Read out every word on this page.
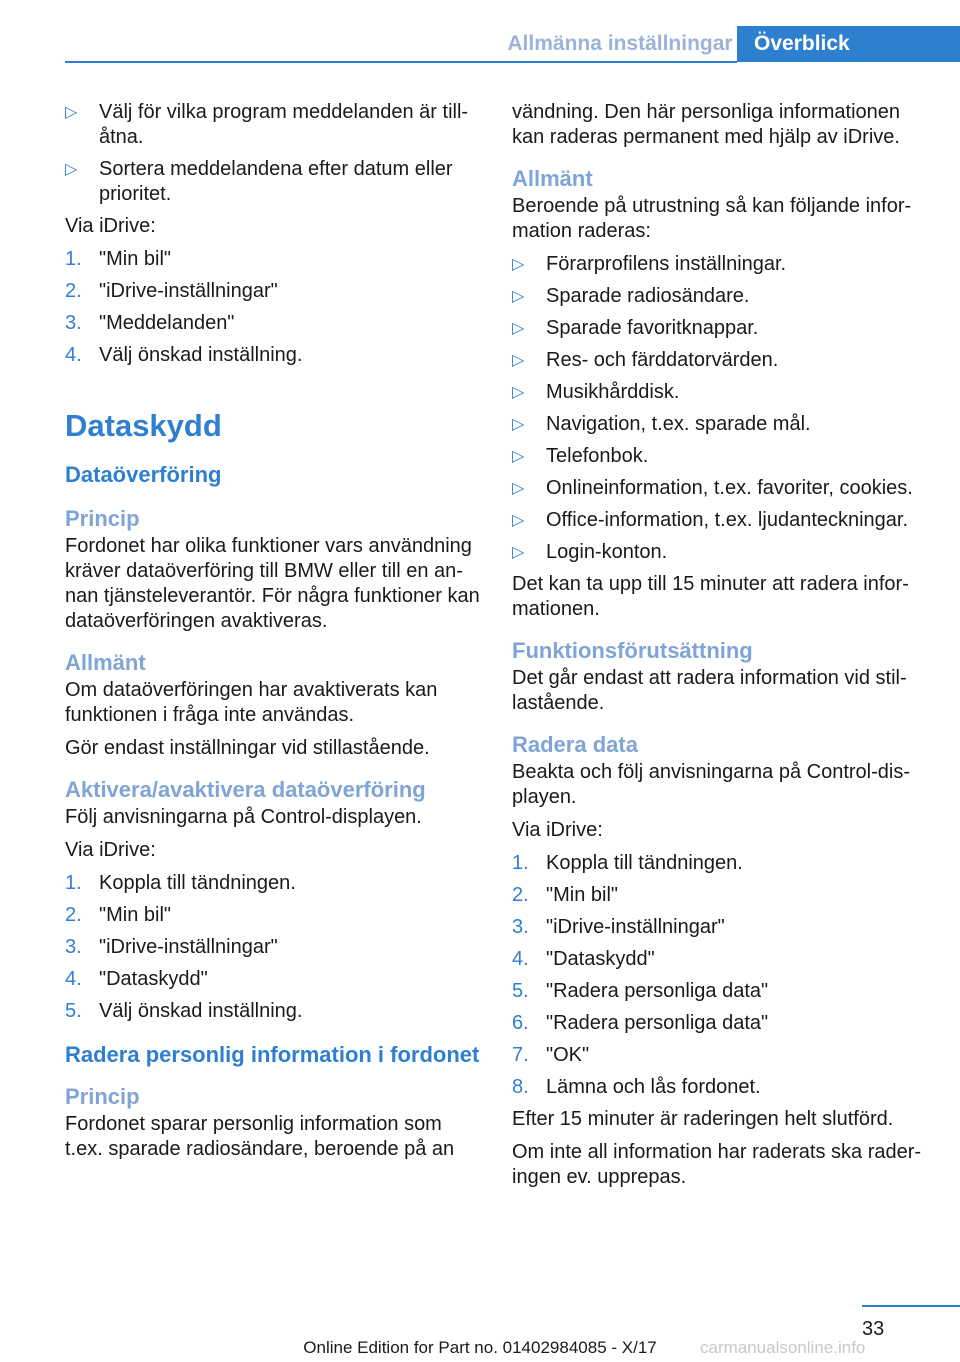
Allmänna inställningar	Överblick
▷ Välj för vilka program meddelanden är tillåtna.
▷ Sortera meddelandena efter datum eller prioritet.

Via iDrive:

1. "Min bil"
2. "iDrive-inställningar"
3. "Meddelanden"
4. Välj önskad inställning.
Dataskydd
Dataöverföring
Princip

Fordonet har olika funktioner vars användning kräver dataöverföring till BMW eller till en annan tjänsteleverantör. För några funktioner kan dataöverföringen avaktiveras.

Allmänt

Om dataöverföringen har avaktiverats kan funktionen i fråga inte användas.

Gör endast inställningar vid stillastående.

Aktivera/avaktivera dataöverföring

Följ anvisningarna på Control-displayen.

Via iDrive:

1. Koppla till tändningen.
2. "Min bil"
3. "iDrive-inställningar"
4. "Dataskydd"
5. Välj önskad inställning.
Radera personlig information i fordonet
Princip

Fordonet sparar personlig information som t.ex. sparade radiosändare, beroende på an

vändning. Den här personliga informationen kan raderas permanent med hjälp av iDrive.

Allmänt

Beroende på utrustning så kan följande information raderas:

▷ Förarprofilens inställningar.
▷ Sparade radiosändare.
▷ Sparade favoritknappar.
▷ Res- och färddatorvärden.
▷ Musikhårddisk.
▷ Navigation, t.ex. sparade mål.
▷ Telefonbok.
▷ Onlineinformation, t.ex. favoriter, cookies.
▷ Office-information, t.ex. ljudanteckningar.
▷ Login-konton.

Det kan ta upp till 15 minuter att radera informationen.

Funktionsförutsättning

Det går endast att radera information vid stillastående.

Radera data

Beakta och följ anvisningarna på Control-displayen.

Via iDrive:

1. Koppla till tändningen.
2. "Min bil"
3. "iDrive-inställningar"
4. "Dataskydd"
5. "Radera personliga data"
6. "Radera personliga data"
7. "OK"
8. Lämna och lås fordonet.

Efter 15 minuter är raderingen helt slutförd.

Om inte all information har raderats ska raderingen ev. upprepas.

33
Online Edition for Part no. 01402984085 - X/17	carmanualsonline.info
